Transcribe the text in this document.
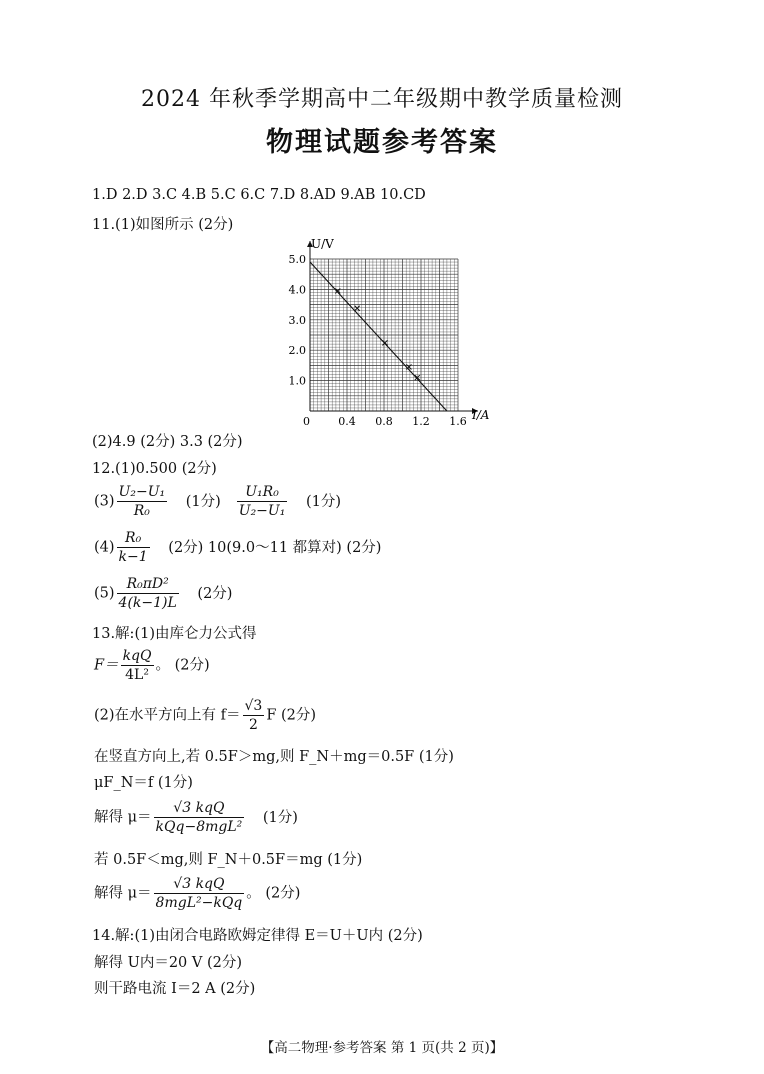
2024 年秋季学期高中二年级期中教学质量检测
物理试题参考答案
1.D 2.D 3.C 4.B 5.C 6.C 7.D 8.AD 9.AB 10.CD
11.(1)如图所示 (2分)
U/V
I/A
5.0
4.0
3.0
2.0
1.0
0	0.4 0.8 1.2 1.6
(2)4.9 (2分) 3.3 (2分)
12.(1)0.500 (2分)
$(3) \frac{\text{U₂−U₁}}{\text{R₀}} (1$分) $\frac{\text{U₁R₀}}{\text{U₂−U₁}} (1$分)
$(4) \frac{\text{R₀}}{k-1} (2$分) 10(9.0～11 都算对) (2分)
$(5) \frac{\text{R₀πD²}}{4(k-1)L} (2$分)
13.解:(1)由库仑力公式得
$F= \frac{\text{kqQ}}{\text{4L²}}$ 。 (2分)
(2)在水平方向上有 $f= \frac{√3}{2}$ F (2分)
在竖直方向上,若 0.5F＞mg,则 F_N＋mg＝0.5F (1分)
μF_N＝f (1分)
解得 $\mu= \frac{\text{√3 kqQ}}{\text{kQq−8mgL²}} (1$分)
若 0.5F＜mg,则 F_N＋0.5F＝mg (1分)
解得 $\mu= \frac{\text{√3 kqQ}}{\text{8mgL²−kQq}}$ 。 (2分)
14.解:(1)由闭合电路欧姆定律得 E＝U＋U内 (2分)
解得 U内＝20 V (2分)
则干路电流 I＝2 A (2分)
【高二物理·参考答案 第 1 页(共 2 页)】
